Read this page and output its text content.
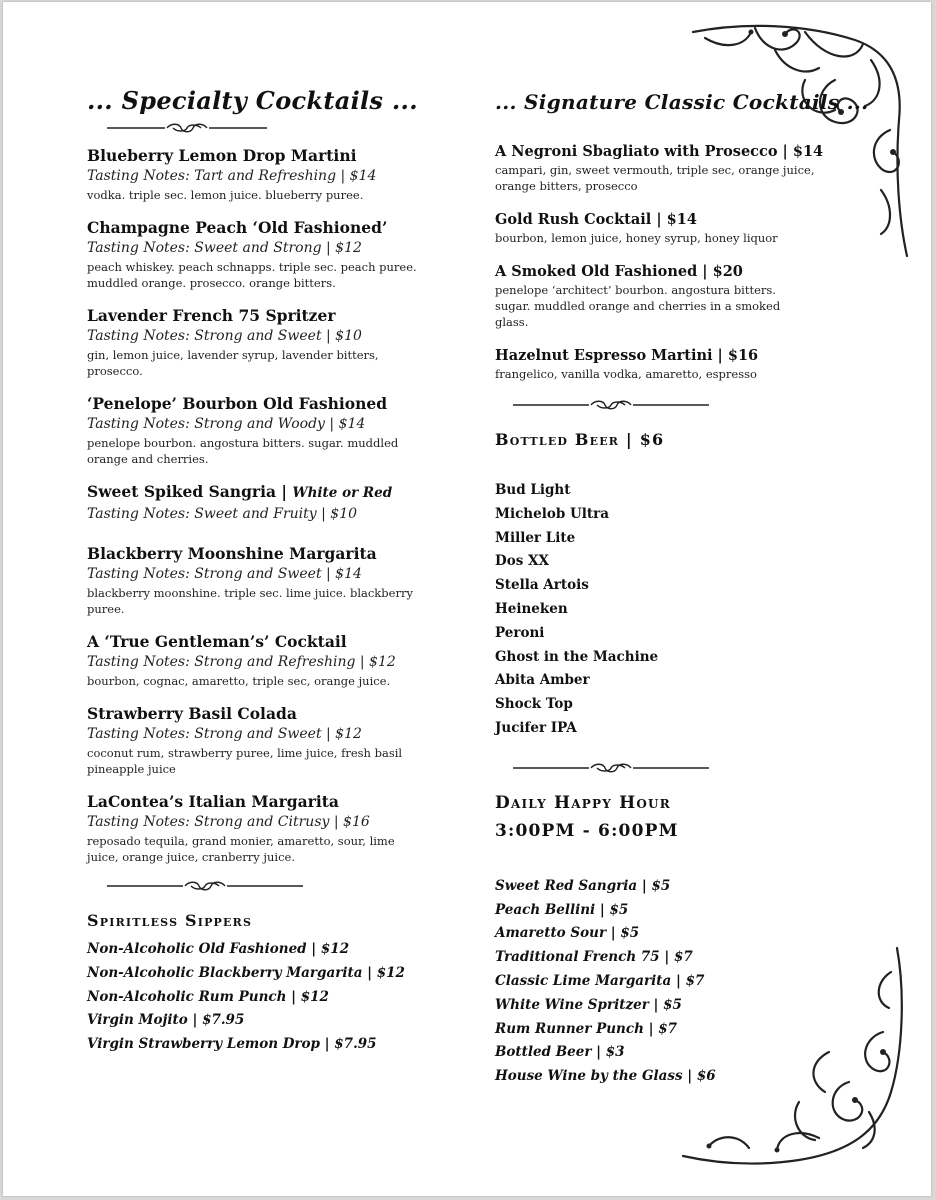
... Specialty Cocktails ...
Blueberry Lemon Drop Martini
Tasting Notes: Tart and Refreshing | $14
vodka. triple sec. lemon juice. blueberry puree.
Champagne Peach ‘Old Fashioned’
Tasting Notes: Sweet and Strong | $12
peach whiskey. peach schnapps. triple sec. peach puree. muddled orange. prosecco. orange bitters.
Lavender French 75 Spritzer
Tasting Notes: Strong and Sweet | $10
gin, lemon juice, lavender syrup, lavender bitters, prosecco.
‘Penelope’ Bourbon Old Fashioned
Tasting Notes: Strong and Woody | $14
penelope bourbon. angostura bitters. sugar. muddled orange and cherries.
Sweet Spiked Sangria | White or Red
Tasting Notes: Sweet and Fruity | $10
Blackberry Moonshine Margarita
Tasting Notes: Strong and Sweet | $14
blackberry moonshine. triple sec. lime juice. blackberry puree.
A ‘True Gentleman’s’ Cocktail
Tasting Notes: Strong and Refreshing | $12
bourbon, cognac, amaretto, triple sec, orange juice.
Strawberry Basil Colada
Tasting Notes: Strong and Sweet | $12
coconut rum, strawberry puree, lime juice, fresh basil pineapple juice
LaContea’s Italian Margarita
Tasting Notes: Strong and Citrusy | $16
reposado tequila, grand monier, amaretto, sour, lime juice, orange juice, cranberry juice.
Spiritless Sippers
Non-Alcoholic Old Fashioned | $12
Non-Alcoholic Blackberry Margarita | $12
Non-Alcoholic Rum Punch | $12
Virgin Mojito | $7.95
Virgin Strawberry Lemon Drop | $7.95
... Signature Classic Cocktails ...
A Negroni Sbagliato with Prosecco | $14
campari, gin, sweet vermouth, triple sec, orange juice, orange bitters, prosecco
Gold Rush Cocktail | $14
bourbon, lemon juice, honey syrup, honey liquor
A Smoked Old Fashioned | $20
penelope ‘architect’ bourbon. angostura bitters. sugar. muddled orange and cherries in a smoked glass.
Hazelnut Espresso Martini | $16
frangelico, vanilla vodka, amaretto, espresso
Bottled Beer | $6
Bud Light
Michelob Ultra
Miller Lite
Dos XX
Stella Artois
Heineken
Peroni
Ghost in the Machine
Abita Amber
Shock Top
Jucifer IPA
Daily Happy Hour
3:00PM - 6:00PM
Sweet Red Sangria | $5
Peach Bellini | $5
Amaretto Sour | $5
Traditional French 75 | $7
Classic Lime Margarita | $7
White Wine Spritzer | $5
Rum Runner Punch | $7
Bottled Beer | $3
House Wine by the Glass | $6
